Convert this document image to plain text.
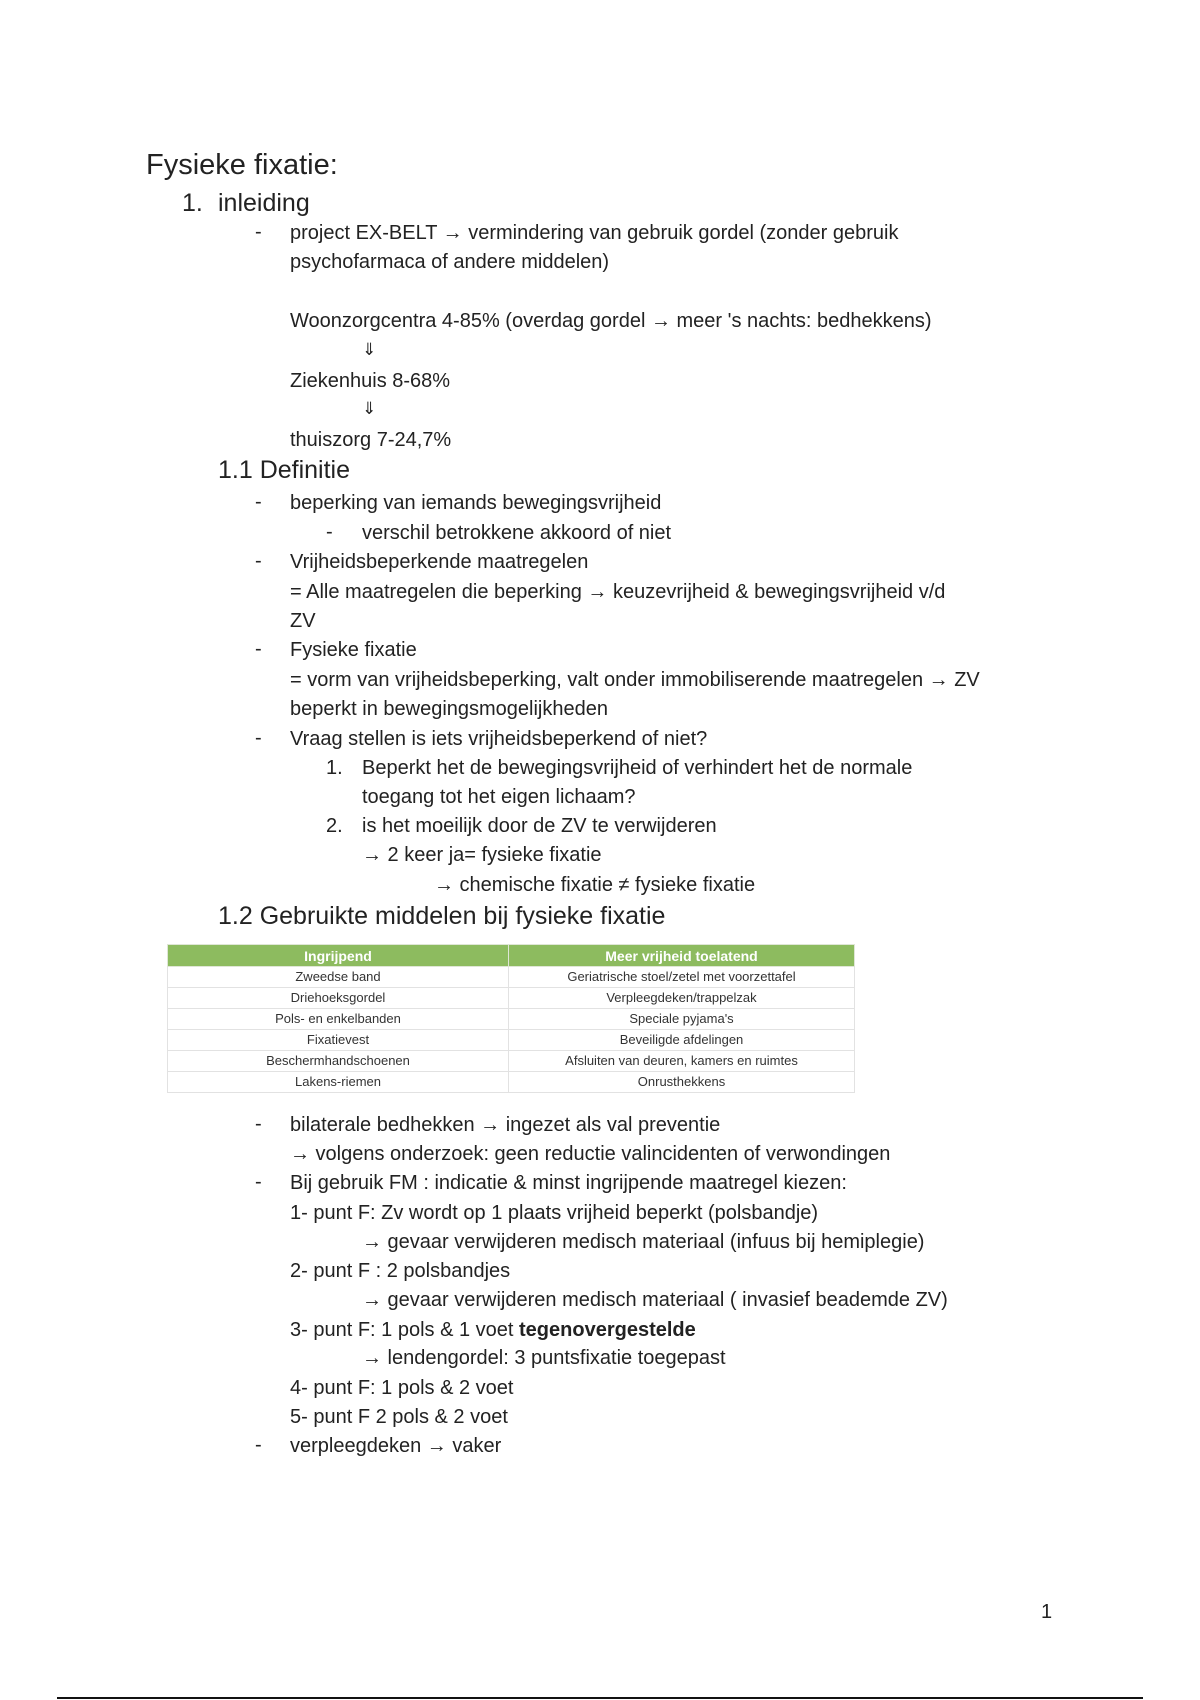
Fysieke fixatie:
1. inleiding
- project EX-BELT → vermindering van gebruik gordel (zonder gebruik
psychofarmaca of andere middelen)
Woonzorgcentra 4-85% (overdag gordel → meer 's nachts: bedhekkens)
⇓
Ziekenhuis 8-68%
⇓
thuiszorg 7-24,7%
1.1 Definitie
- beperking van iemands bewegingsvrijheid
- verschil betrokkene akkoord of niet
- Vrijheidsbeperkende maatregelen
= Alle maatregelen die beperking → keuzevrijheid & bewegingsvrijheid v/d
ZV
- Fysieke fixatie
= vorm van vrijheidsbeperking, valt onder immobiliserende maatregelen → ZV
beperkt in bewegingsmogelijkheden
- Vraag stellen is iets vrijheidsbeperkend of niet?
1. Beperkt het de bewegingsvrijheid of verhindert het de normale
toegang tot het eigen lichaam?
2. is het moeilijk door de ZV te verwijderen
→ 2 keer ja= fysieke fixatie
→ chemische fixatie ≠ fysieke fixatie
1.2 Gebruikte middelen bij fysieke fixatie
Ingrijpend	Meer vrijheid toelatend
Zweedse band	Geriatrische stoel/zetel met voorzettafel
Driehoeksgordel	Verpleegdeken/trappelzak
Pols- en enkelbanden	Speciale pyjama's
Fixatievest	Beveiligde afdelingen
Beschermhandschoenen	Afsluiten van deuren, kamers en ruimtes
Lakens-riemen	Onrusthekkens
- bilaterale bedhekken → ingezet als val preventie
→ volgens onderzoek: geen reductie valincidenten of verwondingen
- Bij gebruik FM : indicatie & minst ingrijpende maatregel kiezen:
1- punt F: Zv wordt op 1 plaats vrijheid beperkt (polsbandje)
→ gevaar verwijderen medisch materiaal (infuus bij hemiplegie)
2- punt F : 2 polsbandjes
→ gevaar verwijderen medisch materiaal ( invasief beademde ZV)
3- punt F: 1 pols & 1 voet tegenovergestelde
→ lendengordel: 3 puntsfixatie toegepast
4- punt F: 1 pols & 2 voet
5- punt F 2 pols & 2 voet
- verpleegdeken → vaker
1
